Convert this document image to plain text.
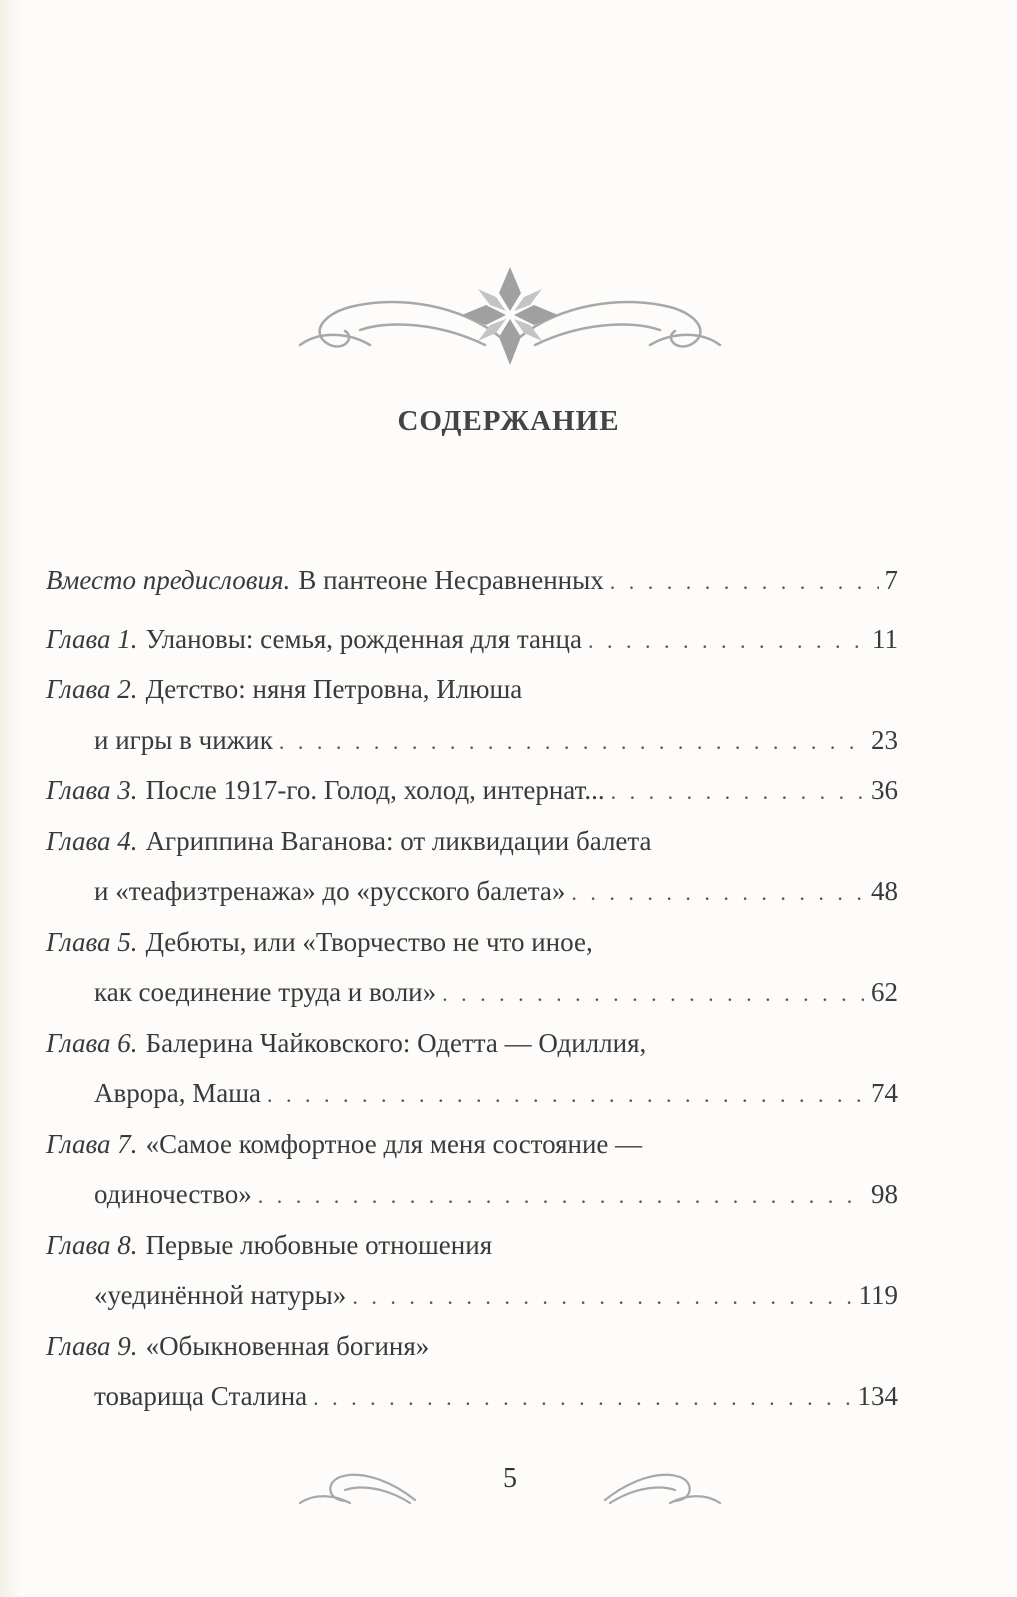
СОДЕРЖАНИЕ
Вместо предисловия. В пантеоне Несравненных . . .	7
Глава 1. Улановы: семья, рожденная для танца . . .	11
Глава 2. Детство: няня Петровна, Илюша
и игры в чижик . . .	23
Глава 3. После 1917-го. Голод, холод, интернат... . . .	36
Глава 4. Агриппина Ваганова: от ликвидации балета
и «теафизтренажа» до «русского балета» . . .	48
Глава 5. Дебюты, или «Творчество не что иное,
как соединение труда и воли» . . .	62
Глава 6. Балерина Чайковского: Одетта — Одиллия,
Аврора, Маша . . .	74
Глава 7. «Самое комфортное для меня состояние —
одиночество» . . .	98
Глава 8. Первые любовные отношения
«уединённой натуры» . . .	119
Глава 9. «Обыкновенная богиня»
товарища Сталина . . .	134
5
